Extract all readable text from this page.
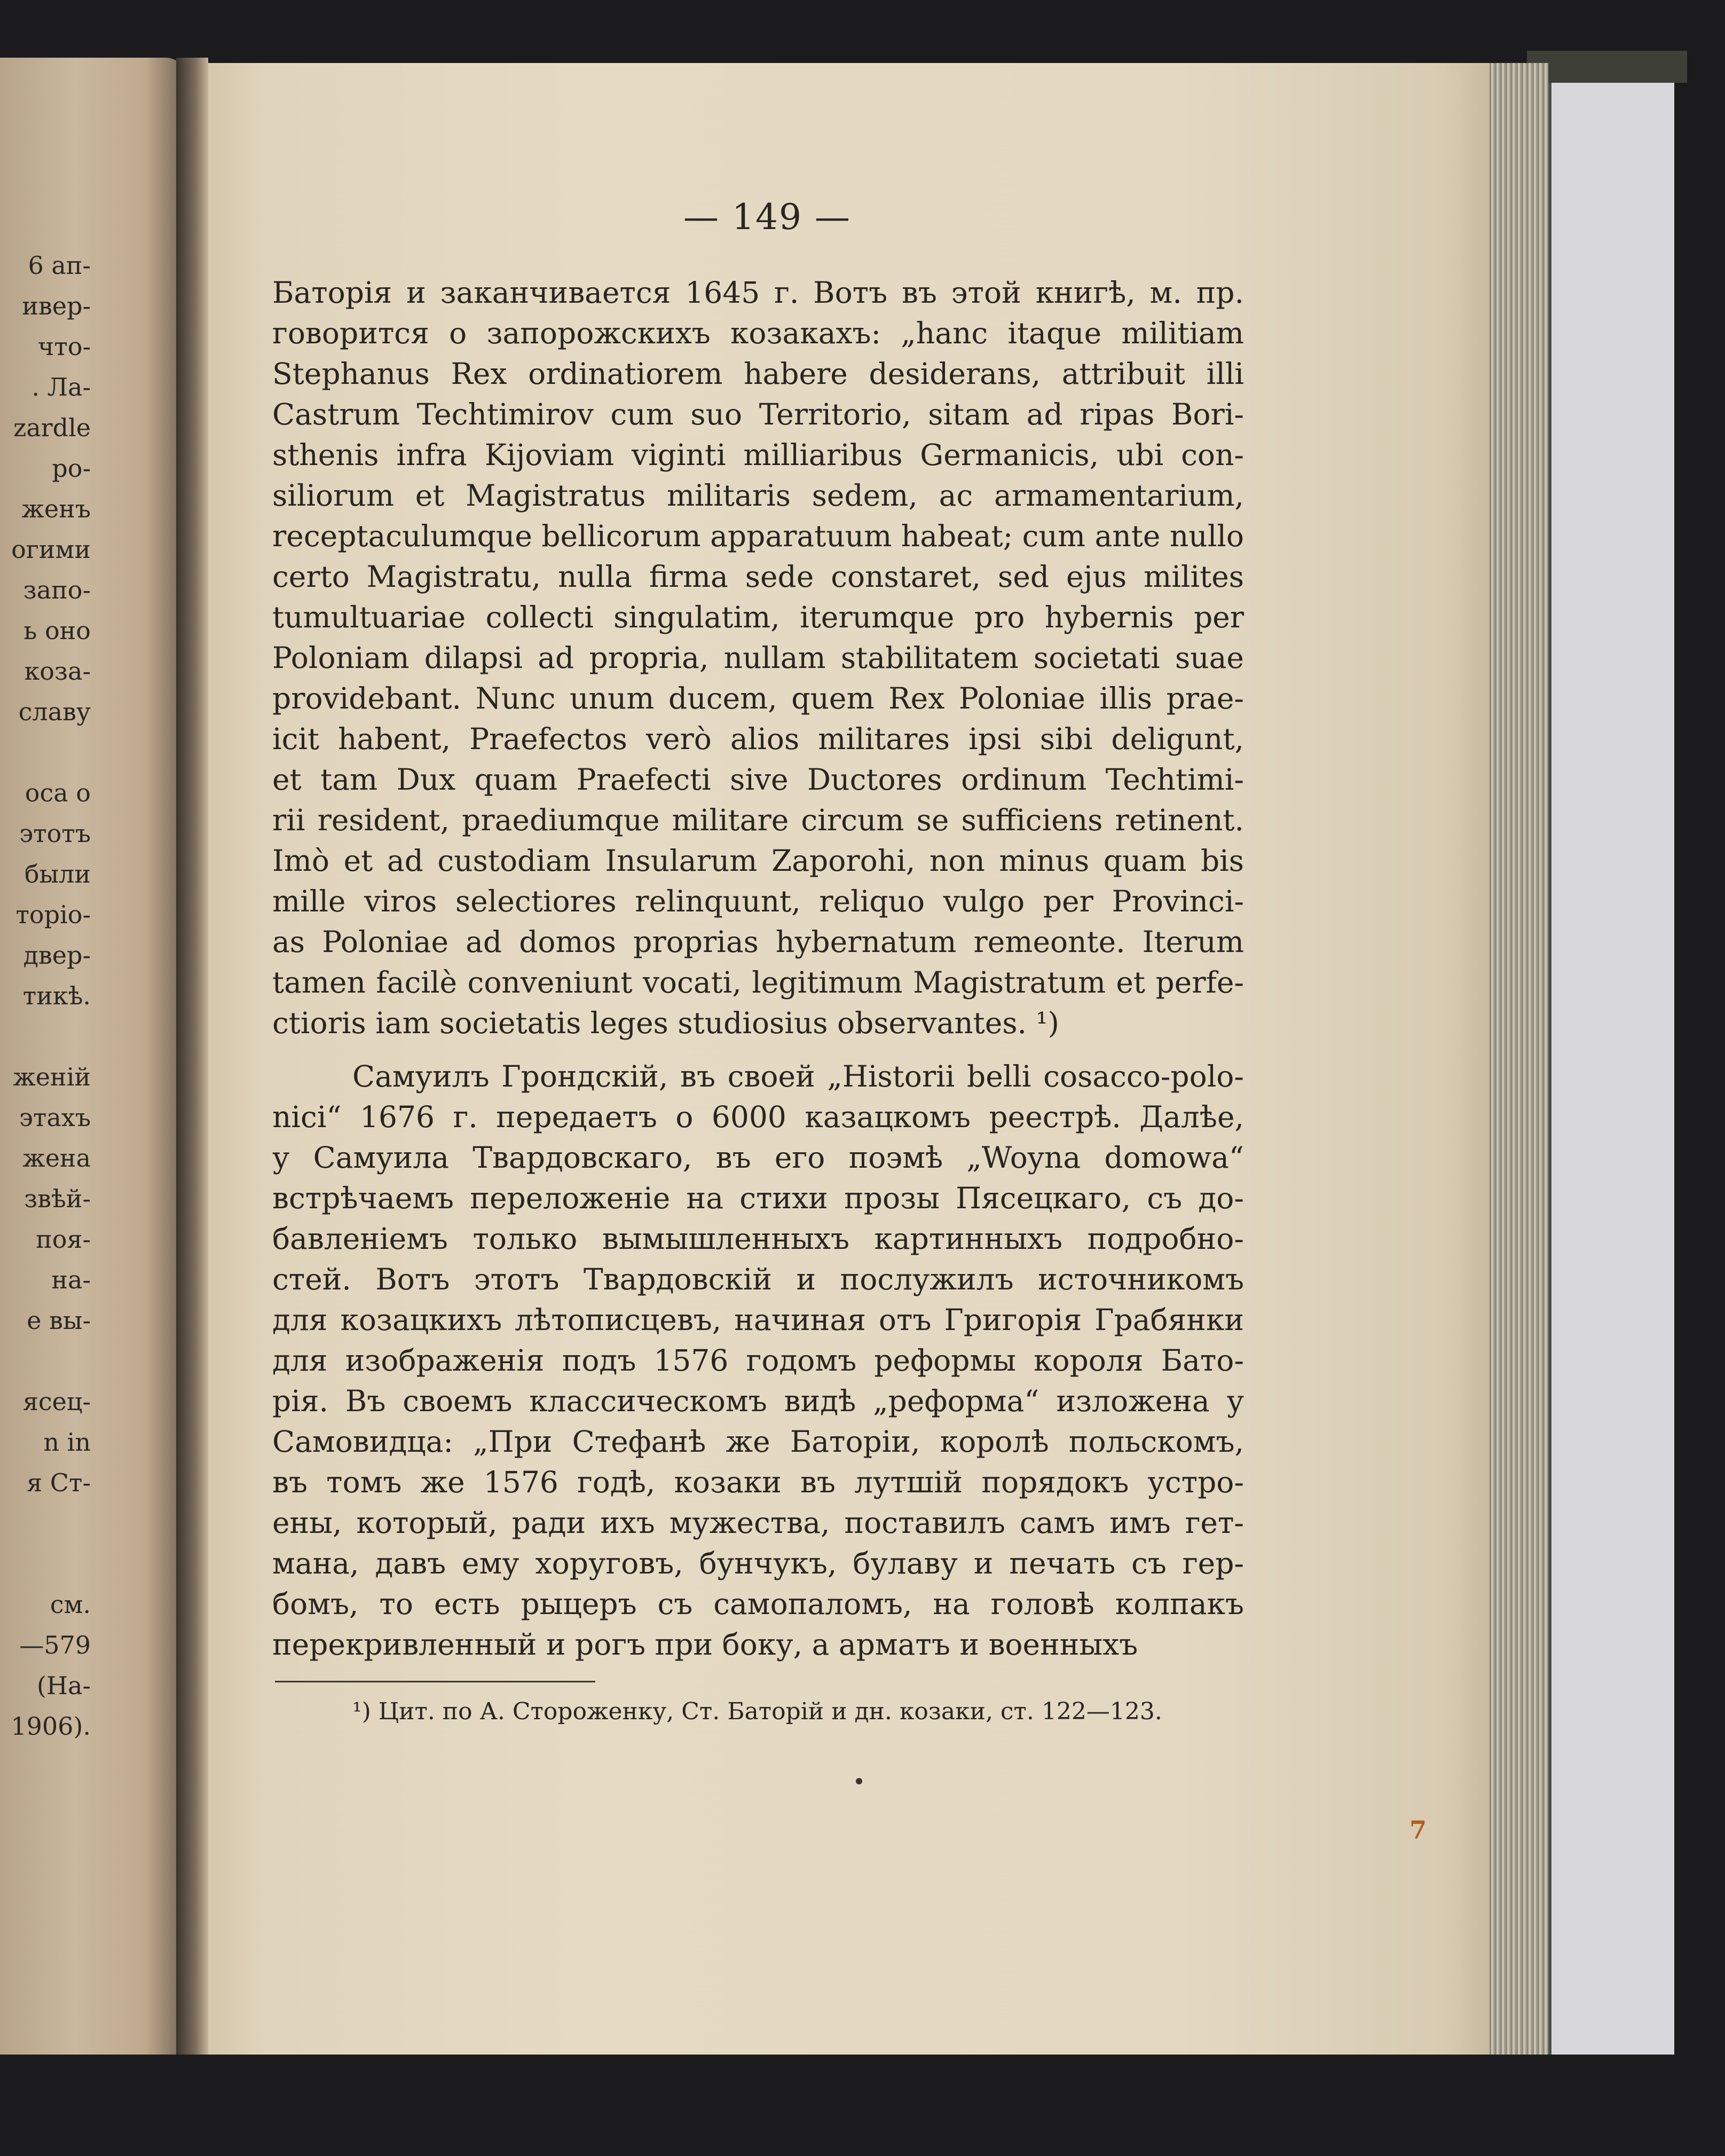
6 ап-
ивер-
что-
. Ла-
zardle
ро-
женъ
огими
запо-
ь оно
коза-
славу
оса о
этотъ
были
торіо-
двер-
тикѣ.
женій
этахъ
жена
звѣй-
поя-
на-
е вы-
ясец-
n in
я Ст-
см.
—579
(На-
1906).
— 149 —
Баторія и заканчивается 1645 г. Вотъ въ этой книгѣ, м. пр.
говорится о запорожскихъ козакахъ: „hanc itaque militiam
Stephanus Rex ordinatiorem habere desiderans, attribuit illi
Castrum Techtimirov cum suo Territorio, sitam ad ripas Bori-
sthenis infra Kijoviam viginti milliaribus Germanicis, ubi con-
siliorum et Magistratus militaris sedem, ac armamentarium,
receptaculumque bellicorum apparatuum habeat; cum ante nullo
certo Magistratu, nulla firma sede constaret, sed ejus milites
tumultuariae collecti singulatim, iterumque pro hybernis per
Poloniam dilapsi ad propria, nullam stabilitatem societati suae
providebant. Nunc unum ducem, quem Rex Poloniae illis prae-
icit habent, Praefectos verò alios militares ipsi sibi deligunt,
et tam Dux quam Praefecti sive Ductores ordinum Techtimi-
rii resident, praediumque militare circum se sufficiens retinent.
Imò et ad custodiam Insularum Zaporohi, non minus quam bis
mille viros selectiores relinquunt, reliquo vulgo per Provinci-
as Poloniae ad domos proprias hybernatum remeonte. Iterum
tamen facilè conveniunt vocati, legitimum Magistratum et perfe-
ctioris iam societatis leges studiosius observantes. ¹)
Самуилъ Грондскій, въ своей „Historii belli cosacco-polo-
nici“ 1676 г. передаетъ о 6000 казацкомъ реестрѣ. Далѣе,
у Самуила Твардовскаго, въ его поэмѣ „Woyna domowa“
встрѣчаемъ переложеніе на стихи прозы Пясецкаго, съ до-
бавленіемъ только вымышленныхъ картинныхъ подробно-
стей. Вотъ этотъ Твардовскій и послужилъ источникомъ
для козацкихъ лѣтописцевъ, начиная отъ Григорія Грабянки
для изображенія подъ 1576 годомъ реформы короля Бато-
рія. Въ своемъ классическомъ видѣ „реформа“ изложена у
Самовидца: „При Стефанѣ же Баторіи, королѣ польскомъ,
въ томъ же 1576 годѣ, козаки въ лутшій порядокъ устро-
ены, который, ради ихъ мужества, поставилъ самъ имъ гет-
мана, давъ ему хоруговъ, бунчукъ, булаву и печать съ гер-
бомъ, то есть рыцеръ съ самопаломъ, на головѣ колпакъ
перекривленный и рогъ при боку, а арматъ и военныхъ
¹) Цит. по А. Стороженку, Ст. Баторій и дн. козаки, ст. 122—123.
7
